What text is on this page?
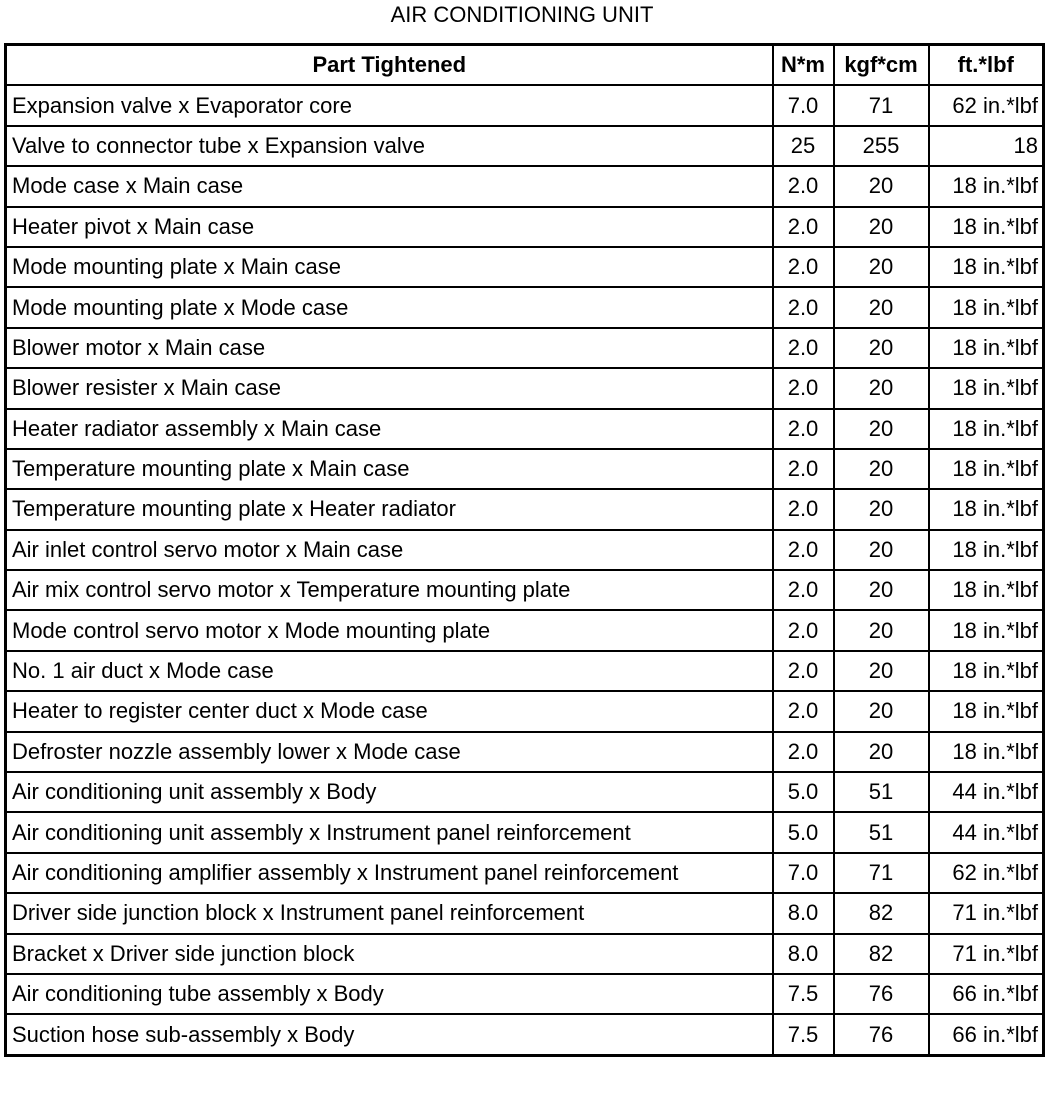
AIR CONDITIONING UNIT
Part Tightened	N*m	kgf*cm	ft.*lbf
Expansion valve x Evaporator core	7.0	71	62 in.*lbf
Valve to connector tube x Expansion valve	25	255	18
Mode case x Main case	2.0	20	18 in.*lbf
Heater pivot x Main case	2.0	20	18 in.*lbf
Mode mounting plate x Main case	2.0	20	18 in.*lbf
Mode mounting plate x Mode case	2.0	20	18 in.*lbf
Blower motor x Main case	2.0	20	18 in.*lbf
Blower resister x Main case	2.0	20	18 in.*lbf
Heater radiator assembly x Main case	2.0	20	18 in.*lbf
Temperature mounting plate x Main case	2.0	20	18 in.*lbf
Temperature mounting plate x Heater radiator	2.0	20	18 in.*lbf
Air inlet control servo motor x Main case	2.0	20	18 in.*lbf
Air mix control servo motor x Temperature mounting plate	2.0	20	18 in.*lbf
Mode control servo motor x Mode mounting plate	2.0	20	18 in.*lbf
No. 1 air duct x Mode case	2.0	20	18 in.*lbf
Heater to register center duct x Mode case	2.0	20	18 in.*lbf
Defroster nozzle assembly lower x Mode case	2.0	20	18 in.*lbf
Air conditioning unit assembly x Body	5.0	51	44 in.*lbf
Air conditioning unit assembly x Instrument panel reinforcement	5.0	51	44 in.*lbf
Air conditioning amplifier assembly x Instrument panel reinforcement	7.0	71	62 in.*lbf
Driver side junction block x Instrument panel reinforcement	8.0	82	71 in.*lbf
Bracket x Driver side junction block	8.0	82	71 in.*lbf
Air conditioning tube assembly x Body	7.5	76	66 in.*lbf
Suction hose sub-assembly x Body	7.5	76	66 in.*lbf
